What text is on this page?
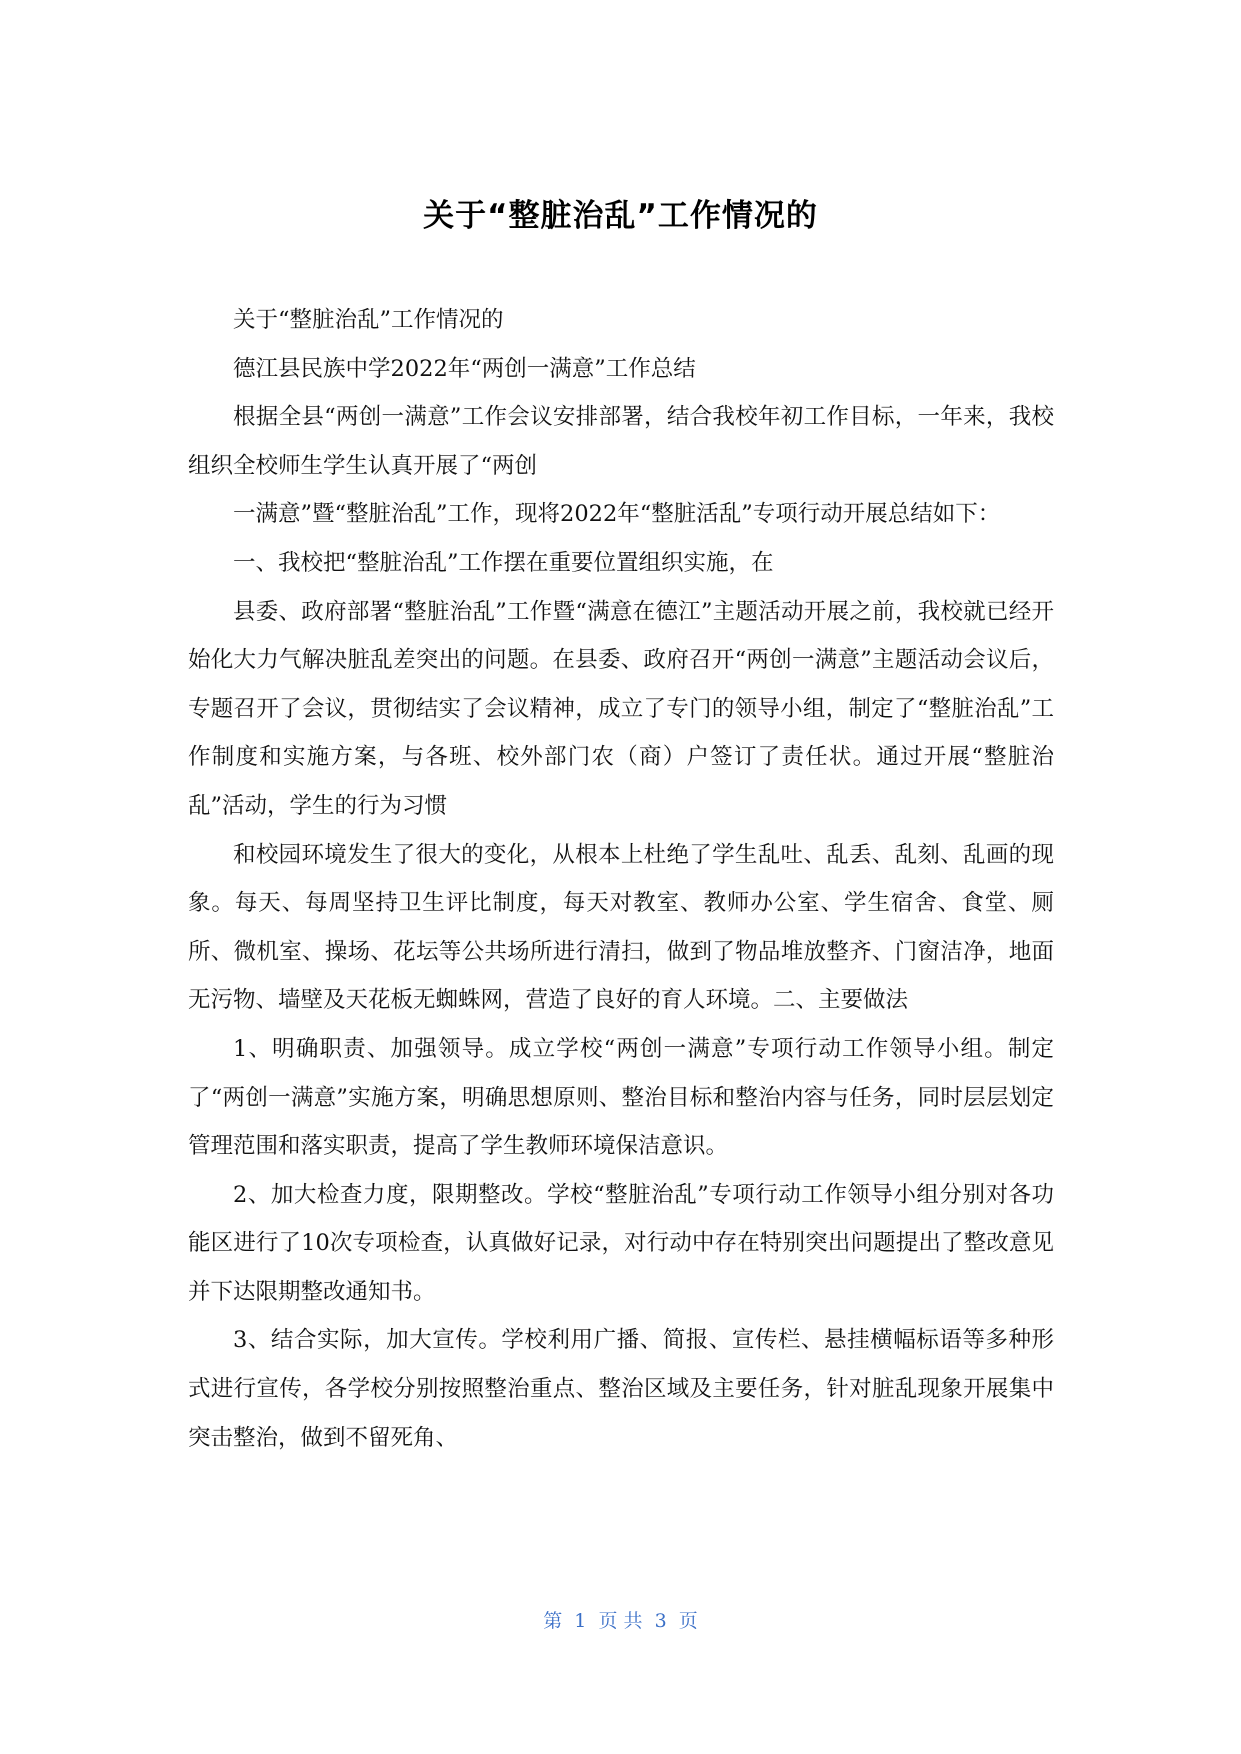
关于“整脏治乱”工作情况的

关于“整脏治乱”工作情况的

德江县民族中学2022年“两创一满意”工作总结

根据全县“两创一满意”工作会议安排部署，结合我校年初工作目标，一年来，我校组织全校师生学生认真开展了“两创

一满意”暨“整脏治乱”工作，现将2022年“整脏活乱”专项行动开展总结如下：

一、我校把“整脏治乱”工作摆在重要位置组织实施，在

县委、政府部署“整脏治乱”工作暨“满意在德江”主题活动开展之前，我校就已经开始化大力气解决脏乱差突出的问题。在县委、政府召开“两创一满意”主题活动会议后，专题召开了会议，贯彻结实了会议精神，成立了专门的领导小组，制定了“整脏治乱”工作制度和实施方案，与各班、校外部门农（商）户签订了责任状。通过开展“整脏治乱”活动，学生的行为习惯

和校园环境发生了很大的变化，从根本上杜绝了学生乱吐、乱丢、乱刻、乱画的现象。每天、每周坚持卫生评比制度，每天对教室、教师办公室、学生宿舍、食堂、厕所、微机室、操场、花坛等公共场所进行清扫，做到了物品堆放整齐、门窗洁净，地面无污物、墙壁及天花板无蜘蛛网，营造了良好的育人环境。二、主要做法

1、明确职责、加强领导。成立学校“两创一满意”专项行动工作领导小组。制定了“两创一满意”实施方案，明确思想原则、整治目标和整治内容与任务，同时层层划定管理范围和落实职责，提高了学生教师环境保洁意识。

2、加大检查力度，限期整改。学校“整脏治乱”专项行动工作领导小组分别对各功能区进行了10次专项检查，认真做好记录，对行动中存在特别突出问题提出了整改意见并下达限期整改通知书。

3、结合实际，加大宣传。学校利用广播、简报、宣传栏、悬挂横幅标语等多种形式进行宣传，各学校分别按照整治重点、整治区域及主要任务，针对脏乱现象开展集中突击整治，做到不留死角、

第  1  页 共  3  页
